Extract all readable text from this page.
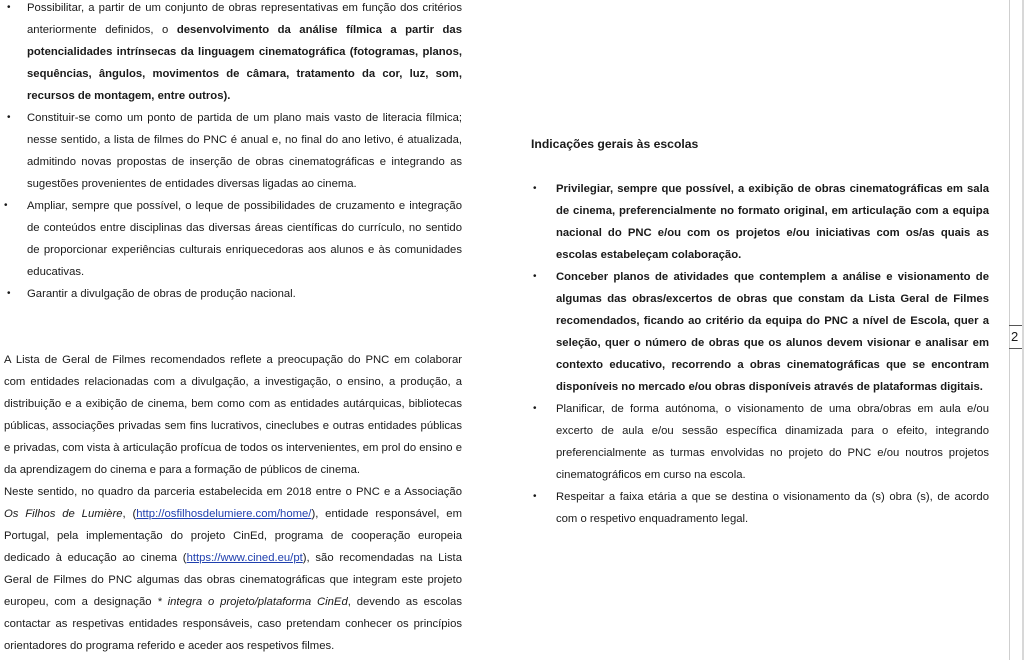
•	Possibilitar, a partir de um conjunto de obras representativas em função dos critérios anteriormente definidos, o desenvolvimento da análise fílmica a partir das potencialidades intrínsecas da linguagem cinematográfica (fotogramas, planos, sequências, ângulos, movimentos de câmara, tratamento da cor, luz, som, recursos de montagem, entre outros).

•	Constituir-se como um ponto de partida de um plano mais vasto de literacia fílmica; nesse sentido, a lista de filmes do PNC é anual e, no final do ano letivo, é atualizada, admitindo novas propostas de inserção de obras cinematográficas e integrando as sugestões provenientes de entidades diversas ligadas ao cinema.

•	Ampliar, sempre que possível, o leque de possibilidades de cruzamento e integração de conteúdos entre disciplinas das diversas áreas científicas do currículo, no sentido de proporcionar experiências culturais enriquecedoras aos alunos e às comunidades educativas.

•	Garantir a divulgação de obras de produção nacional.

A Lista de Geral de Filmes recomendados reflete a preocupação do PNC em colaborar com entidades relacionadas com a divulgação, a investigação, o ensino, a produção, a distribuição e a exibição de cinema, bem como com as entidades autárquicas, bibliotecas públicas, associações privadas sem fins lucrativos, cineclubes e outras entidades públicas e privadas, com vista à articulação profícua de todos os intervenientes, em prol do ensino e da aprendizagem do cinema e para a formação de públicos de cinema.

Neste sentido, no quadro da parceria estabelecida em 2018 entre o PNC e a Associação Os Filhos de Lumière, (http://osfilhosdelumiere.com/home/), entidade responsável, em Portugal, pela implementação do projeto CinEd, programa de cooperação europeia dedicado à educação ao cinema (https://www.cined.eu/pt), são recomendadas na Lista Geral de Filmes do PNC algumas das obras cinematográficas que integram este projeto europeu, com a designação * integra o projeto/plataforma CinEd, devendo as escolas contactar as respetivas entidades responsáveis, caso pretendam conhecer os princípios orientadores do programa referido e aceder aos respetivos filmes.

Indicações gerais às escolas
•	Privilegiar, sempre que possível, a exibição de obras cinematográficas em sala de cinema, preferencialmente no formato original, em articulação com a equipa nacional do PNC e/ou com os projetos e/ou iniciativas com os/as quais as escolas estabeleçam colaboração.

•	Conceber planos de atividades que contemplem a análise e visionamento de algumas das obras/excertos de obras que constam da Lista Geral de Filmes recomendados, ficando ao critério da equipa do PNC a nível de Escola, quer a seleção, quer o número de obras que os alunos devem visionar e analisar em contexto educativo, recorrendo a obras cinematográficas que se encontram disponíveis no mercado e/ou obras disponíveis através de plataformas digitais.

•	Planificar, de forma autónoma, o visionamento de uma obra/obras em aula e/ou excerto de aula e/ou sessão específica dinamizada para o efeito, integrando preferencialmente as turmas envolvidas no projeto do PNC e/ou noutros projetos cinematográficos em curso na escola.

•	Respeitar a faixa etária a que se destina o visionamento da (s) obra (s), de acordo com o respetivo enquadramento legal.

2
